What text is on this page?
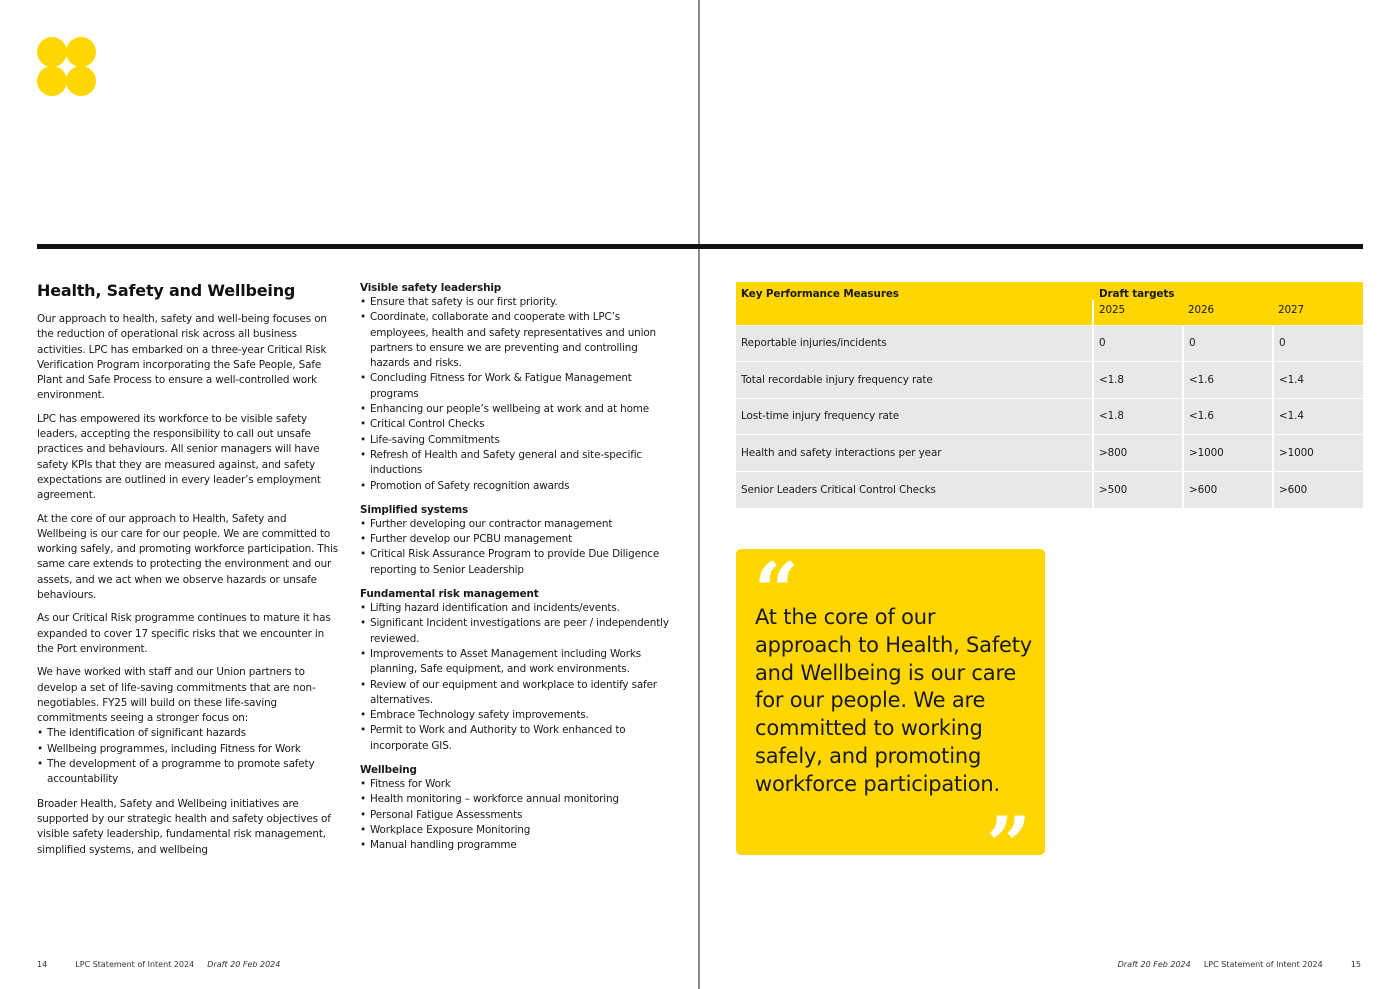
Health, Safety and Wellbeing

Our approach to health, safety and well-being focuses on the reduction of operational risk across all business activities. LPC has embarked on a three-year Critical Risk Verification Program incorporating the Safe People, Safe Plant and Safe Process to ensure a well-controlled work environment.

LPC has empowered its workforce to be visible safety leaders, accepting the responsibility to call out unsafe practices and behaviours. All senior managers will have safety KPIs that they are measured against, and safety expectations are outlined in every leader’s employment agreement.

At the core of our approach to Health, Safety and Wellbeing is our care for our people. We are committed to working safely, and promoting workforce participation. This same care extends to protecting the environment and our assets, and we act when we observe hazards or unsafe behaviours.

As our Critical Risk programme continues to mature it has expanded to cover 17 specific risks that we encounter in the Port environment.

We have worked with staff and our Union partners to develop a set of life-saving commitments that are non-negotiables. FY25 will build on these life-saving commitments seeing a stronger focus on:

• The identification of significant hazards
• Wellbeing programmes, including Fitness for Work
• The development of a programme to promote safety accountability

Broader Health, Safety and Wellbeing initiatives are supported by our strategic health and safety objectives of visible safety leadership, fundamental risk management, simplified systems, and wellbeing

Visible safety leadership
• Ensure that safety is our first priority.
• Coordinate, collaborate and cooperate with LPC’s employees, health and safety representatives and union partners to ensure we are preventing and controlling hazards and risks.
• Concluding Fitness for Work & Fatigue Management programs
• Enhancing our people’s wellbeing at work and at home
• Critical Control Checks
• Life-saving Commitments
• Refresh of Health and Safety general and site-specific inductions
• Promotion of Safety recognition awards
Simplified systems
• Further developing our contractor management
• Further develop our PCBU management
• Critical Risk Assurance Program to provide Due Diligence reporting to Senior Leadership
Fundamental risk management
• Lifting hazard identification and incidents/events.
• Significant Incident investigations are peer / independently reviewed.
• Improvements to Asset Management including Works planning, Safe equipment, and work environments.
• Review of our equipment and workplace to identify safer alternatives.
• Embrace Technology safety improvements.
• Permit to Work and Authority to Work enhanced to incorporate GIS.
Wellbeing
• Fitness for Work
• Health monitoring – workforce annual monitoring
• Personal Fatigue Assessments
• Workplace Exposure Monitoring
• Manual handling programme
Key Performance Measures	Draft targets		
	2025	2026	2027
Reportable injuries/incidents	0	0	0
Total recordable injury frequency rate	<1.8	<1.6	<1.4
Lost-time injury frequency rate	<1.8	<1.6	<1.4
Health and safety interactions per year	>800	>1000	>1000
Senior Leaders Critical Control Checks	>500	>600	>600
“

At the core of our approach to Health, Safety and Wellbeing is our care for our people. We are committed to working safely, and promoting workforce participation.

”
14	LPC Statement of Intent 2024 Draft 20 Feb 2024	Draft 20 Feb 2024 LPC Statement of Intent 2024	15
